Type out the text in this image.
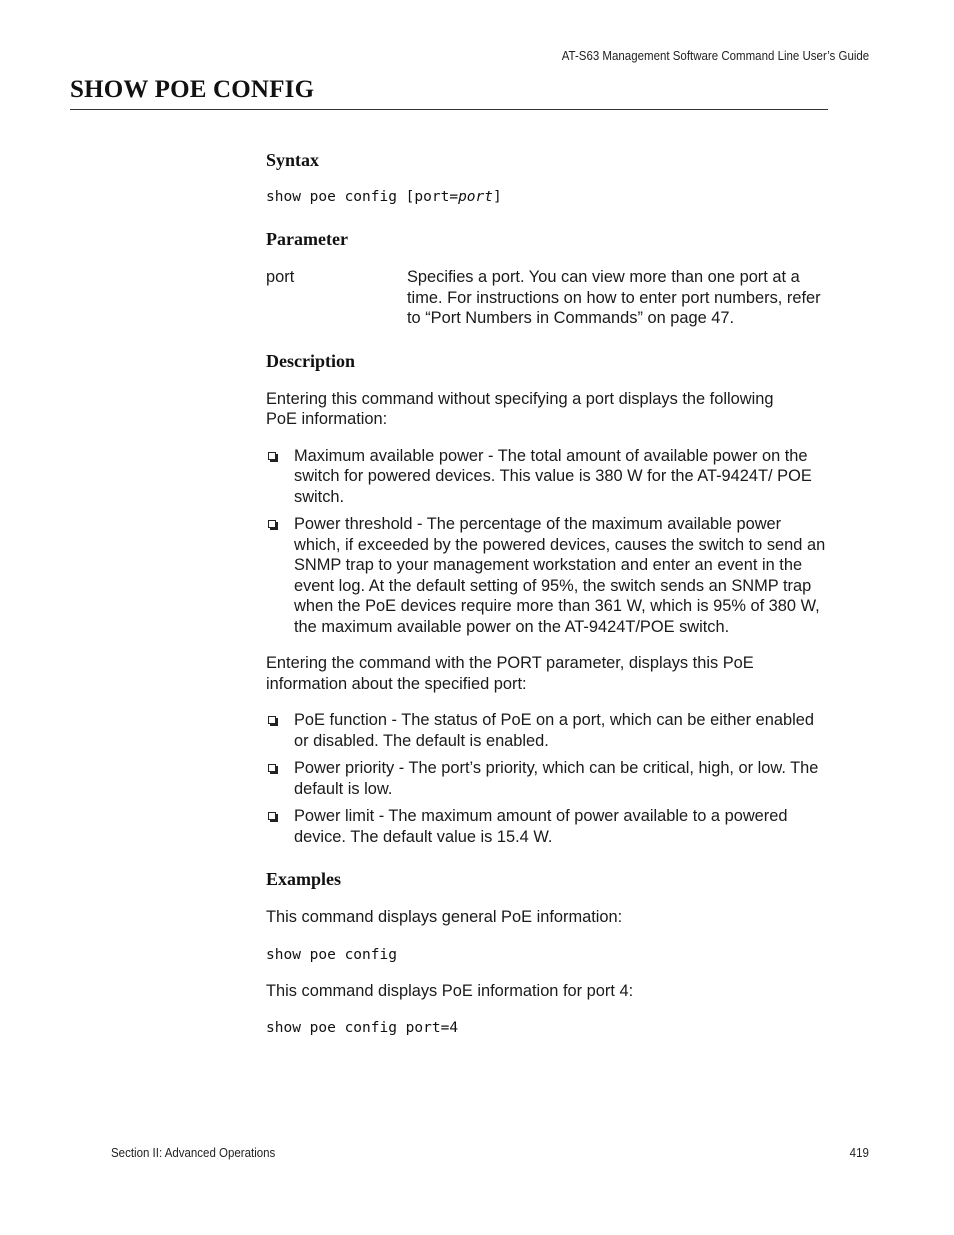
AT-S63 Management Software Command Line User’s Guide
SHOW POE CONFIG
Syntax

show poe config [port=port]

Parameter
port	Specifies a port. You can view more than one port at a time. For instructions on how to enter port numbers, refer to “Port Numbers in Commands” on page 47.
Description

Entering this command without specifying a port displays the following PoE information:

Maximum available power - The total amount of available power on the switch for powered devices. This value is 380 W for the AT-9424T/ POE switch.
Power threshold - The percentage of the maximum available power which, if exceeded by the powered devices, causes the switch to send an SNMP trap to your management workstation and enter an event in the event log. At the default setting of 95%, the switch sends an SNMP trap when the PoE devices require more than 361 W, which is 95% of 380 W, the maximum available power on the AT-9424T/POE switch.

Entering the command with the PORT parameter, displays this PoE information about the specified port:

PoE function - The status of PoE on a port, which can be either enabled or disabled. The default is enabled.
Power priority - The port’s priority, which can be critical, high, or low. The default is low.
Power limit - The maximum amount of power available to a powered device. The default value is 15.4 W.
Examples

This command displays general PoE information:

show poe config

This command displays PoE information for port 4:

show poe config port=4

Section II: Advanced Operations	419
